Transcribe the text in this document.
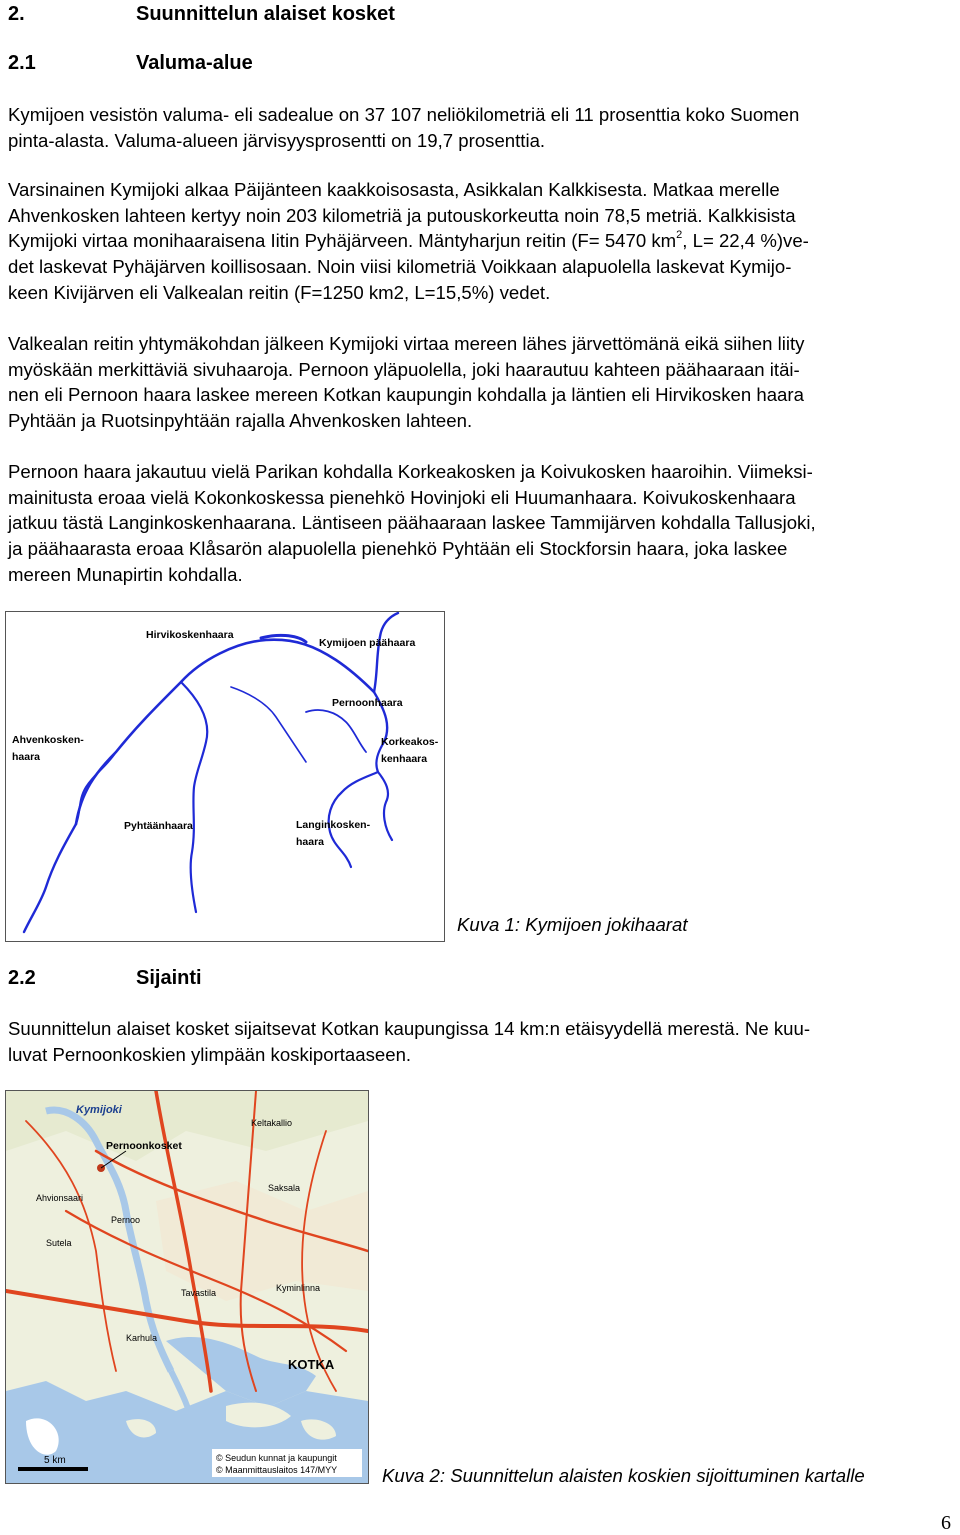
2.	Suunnittelun alaiset kosket
2.1	Valuma-alue
Kymijoen vesistön valuma- eli sadealue on 37 107 neliökilometriä eli 11 prosenttia koko Suomen
pinta-alasta. Valuma-alueen järvisyysprosentti on 19,7 prosenttia.
Varsinainen Kymijoki alkaa Päijänteen kaakkoisosasta, Asikkalan Kalkkisesta. Matkaa merelle
Ahvenkosken lahteen kertyy noin 203 kilometriä ja putouskorkeutta noin 78,5 metriä. Kalkkisista
Kymijoki virtaa monihaaraisena Iitin Pyhäjärveen. Mäntyharjun reitin (F= 5470 $km^2$, L= 22,4 %)ve-
det laskevat Pyhäjärven koillisosaan. Noin viisi kilometriä Voikkaan alapuolella laskevat Kymijo-
keen Kivijärven eli Valkealan reitin (F=1250 km2, L=15,5%) vedet.
Valkealan reitin yhtymäkohdan jälkeen Kymijoki virtaa mereen lähes järvettömänä eikä siihen liity
myöskään merkittäviä sivuhaaroja. Pernoon yläpuolella, joki haarautuu kahteen päähaaraan itäi-
nen eli Pernoon haara laskee mereen Kotkan kaupungin kohdalla ja läntien eli Hirvikosken haara
Pyhtään ja Ruotsinpyhtään rajalla Ahvenkosken lahteen.
Pernoon haara jakautuu vielä Parikan kohdalla Korkeakosken ja Koivukosken haaroihin. Viimeksi-
mainitusta eroaa vielä Kokonkoskessa pienehkö Hovinjoki eli Huumanhaara. Koivukoskenhaara
jatkuu tästä Langinkoskenhaarana. Läntiseen päähaaraan laskee Tammijärven kohdalla Tallusjoki,
ja päähaarasta eroaa Klåsarön alapuolella pienehkö Pyhtään eli Stockforsin haara, joka laskee
mereen Munapirtin kohdalla.
Hirvikoskenhaara
Kymijoen päähaara
Pernoonhaara
Ahvenkosken-
haara
Korkeakos-
kenhaara
Pyhtäänhaara	Langinkosken-
haara
Kuva 1: Kymijoen jokihaarat
2.2	Sijainti
Suunnittelun alaiset kosket sijaitsevat Kotkan kaupungissa 14 km:n etäisyydellä merestä. Ne kuu-
luvat Pernoonkoskien ylimpään koskiportaaseen.
Kymijoki
Pernoonkosket
Ahvionsaari
Keltakallio
Pernoo
Saksala
Sutela
Tavastila	Kyminlinna
Karhula
KOTKA
5 km	© Seudun kunnat ja kaupungit
© Maanmittauslaitos 147/MYY Kuva 2: Suunnittelun alaisten koskien sijoittuminen kartalle
6
